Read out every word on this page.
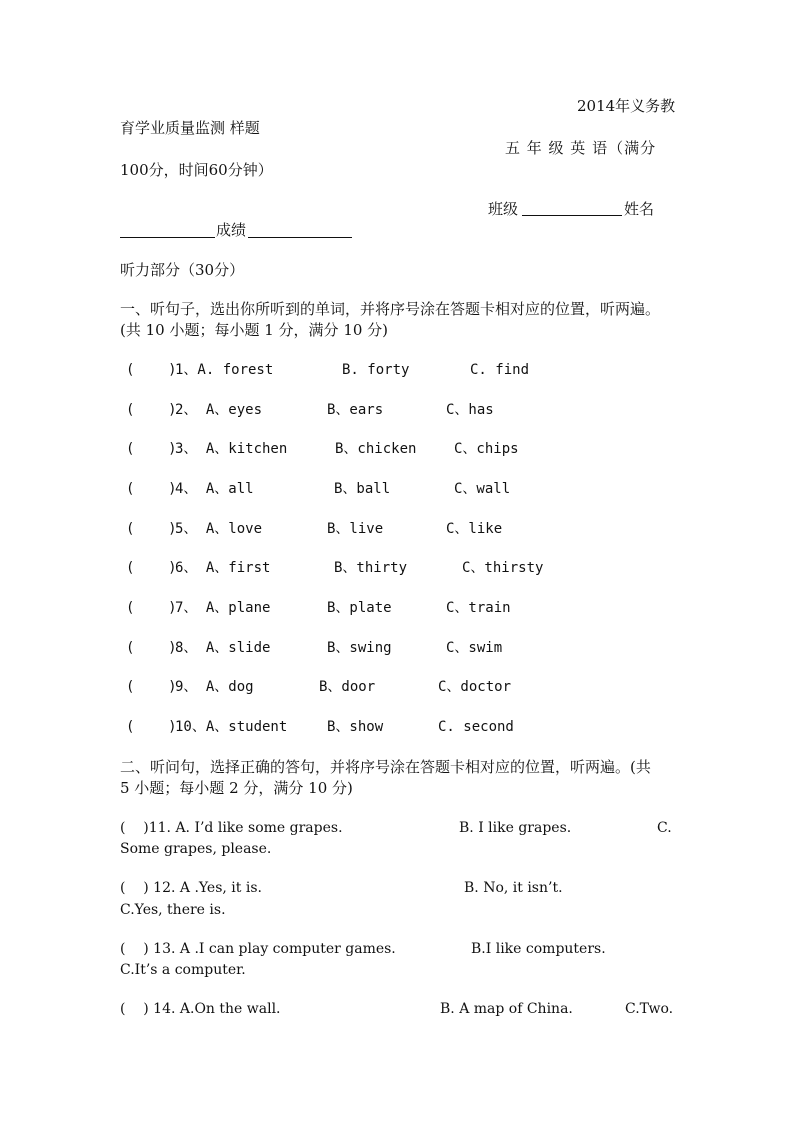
2014年义务教
育学业质量监测 样题
五 年 级 英 语（满分
100分，时间60分钟）
班级	姓名
成绩
听力部分（30分）
一、听句子，选出你所听到的单词，并将序号涂在答题卡相对应的位置，听两遍。
(共 10 小题；每小题 1 分，满分 10 分)
(    )
1、A. forest	B. forty	C. find
(    )
2、 A、eyes	B、ears	C、has
(    )
3、 A、kitchen	B、chicken	C、chips
(    )
4、 A、all	B、ball	C、wall
(    )
5、 A、love	B、live	C、like
(    )
6、 A、first	B、thirty	C、thirsty
(    )
7、 A、plane	B、plate	C、train
(    )
8、 A、slide	B、swing	C、swim
(    )
9、 A、dog	B、door	C、doctor
(    )
10、A、student	B、show	C. second
二、听问句，选择正确的答句，并将序号涂在答题卡相对应的位置，听两遍。(共
5 小题；每小题 2 分，满分 10 分)
(    )11. A. I’d like some grapes.	B. I like grapes.	C.
Some grapes, please.
(    ) 12. A .Yes, it is.	B. No, it isn’t.
C.Yes, there is.
(    ) 13. A .I can play computer games.	B.I like computers.
C.It’s a computer.
(    ) 14. A.On the wall.	B. A map of China.	C.Two.
